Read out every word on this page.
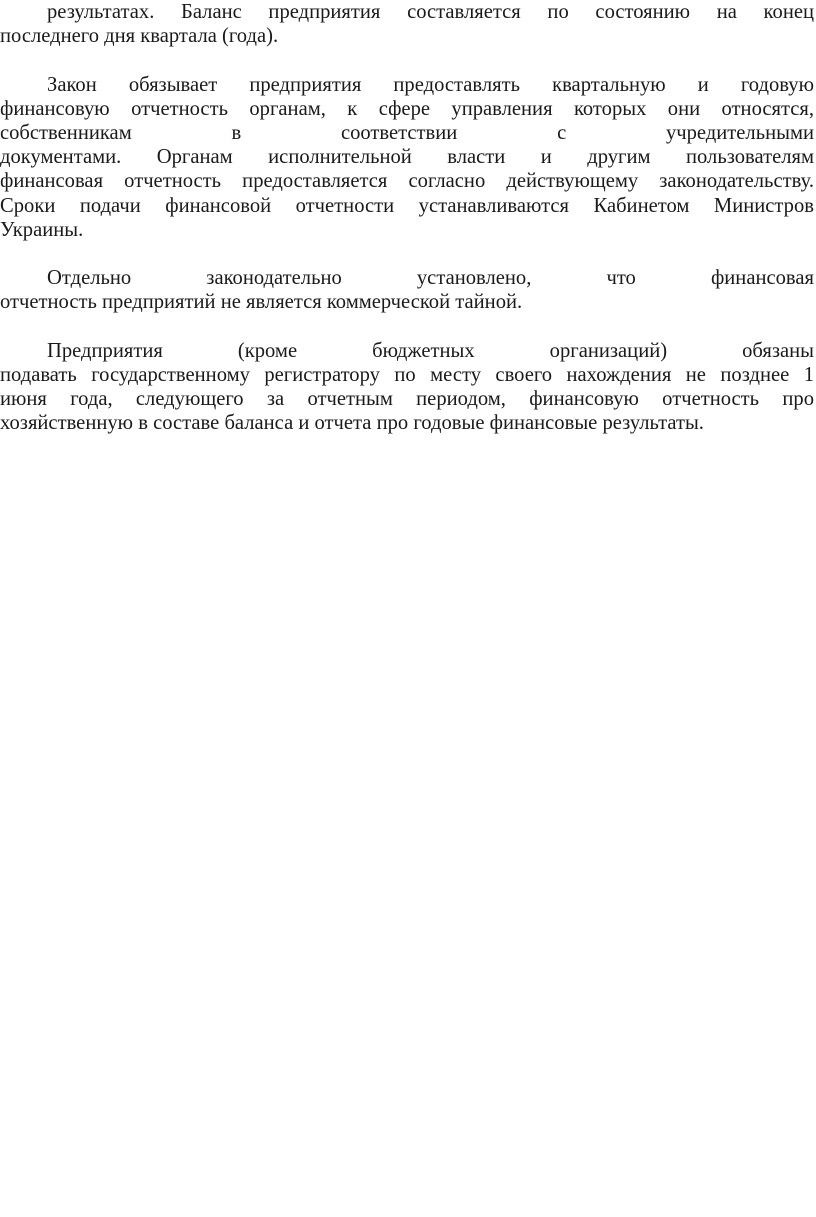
результатах. Баланс предприятия составляется по состоянию на конец
последнего дня квартала (года).
Закон обязывает предприятия предоставлять квартальную и годовую
финансовую отчетность органам, к сфере управления которых они относятся,
собственникам в соответствии с учредительными
документами. Органам исполнительной власти и другим пользователям
финансовая отчетность предоставляется согласно действующему законодательству.
Сроки подачи финансовой отчетности устанавливаются Кабинетом Министров
Украины.
Отдельно законодательно установлено, что финансовая
отчетность предприятий не является коммерческой тайной.
Предприятия (кроме бюджетных организаций) обязаны
подавать государственному регистратору по месту своего нахождения не позднее 1
июня года, следующего за отчетным периодом, финансовую отчетность про
хозяйственную в составе баланса и отчета про годовые финансовые результаты.
